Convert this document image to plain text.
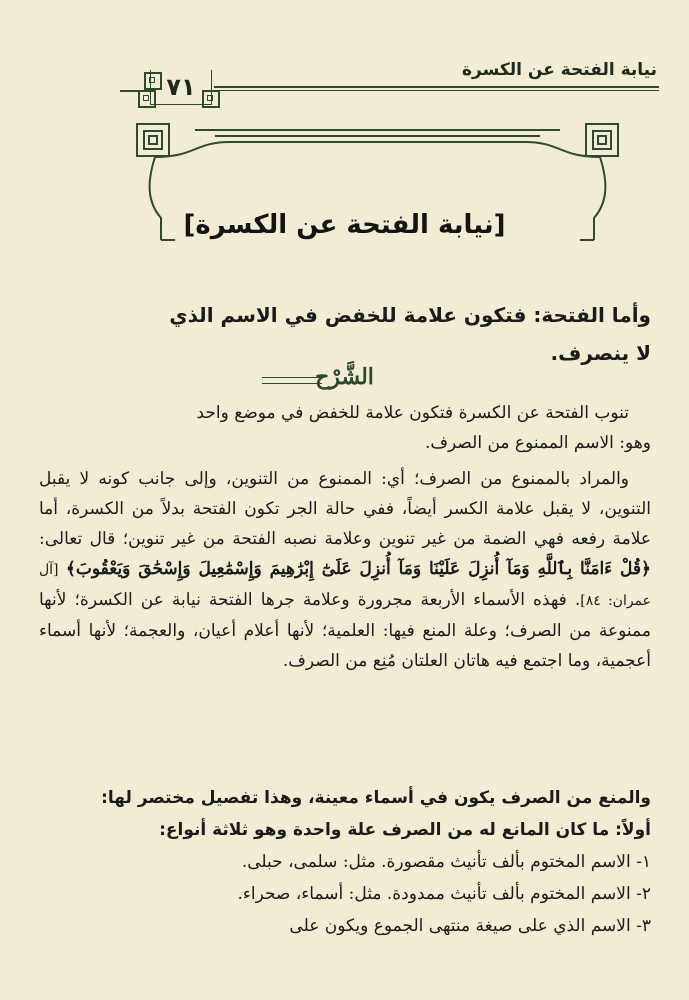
نيابة الفتحة عن الكسرة
٧١
[نيابة الفتحة عن الكسرة]

وأما الفتحة: فتكون علامة للخفض في الاسم الذي

لا ينصرف.

الشَّرْح

تنوب الفتحة عن الكسرة فتكون علامة للخفض في موضع واحد
وهو: الاسم الممنوع من الصرف.

والمراد بالممنوع من الصرف؛ أي: الممنوع من التنوين، وإلى جانب كونه لا يقبل التنوين، لا يقبل علامة الكسر أيضاً، ففي حالة الجر تكون الفتحة بدلاً من الكسرة، أما علامة رفعه فهي الضمة من غير تنوين وعلامة نصبه الفتحة من غير تنوين؛ قال تعالى: ﴿قُلْ ءَامَنَّا بِٱللَّهِ وَمَآ أُنزِلَ عَلَيْنَا وَمَآ أُنزِلَ عَلَىٰٓ إِبْرَٰهِيمَ وَإِسْمَٰعِيلَ وَإِسْحَٰقَ وَيَعْقُوبَ﴾ [آل عمران: ٨٤]. فهذه الأسماء الأربعة مجرورة وعلامة جرها الفتحة نيابة عن الكسرة؛ لأنها ممنوعة من الصرف؛ وعلة المنع فيها: العلمية؛ لأنها أعلام أعيان، والعجمة؛ لأنها أسماء أعجمية، وما اجتمع فيه هاتان العلتان مُنِع من الصرف.

والمنع من الصرف يكون في أسماء معينة، وهذا تفصيل مختصر لها:

أولاً: ما كان المانع له من الصرف علة واحدة وهو ثلاثة أنواع:

١- الاسم المختوم بألف تأنيث مقصورة. مثل: سلمى، حبلى.

٢- الاسم المختوم بألف تأنيث ممدودة. مثل: أسماء، صحراء.

٣- الاسم الذي على صيغة منتهى الجموع ويكون على
